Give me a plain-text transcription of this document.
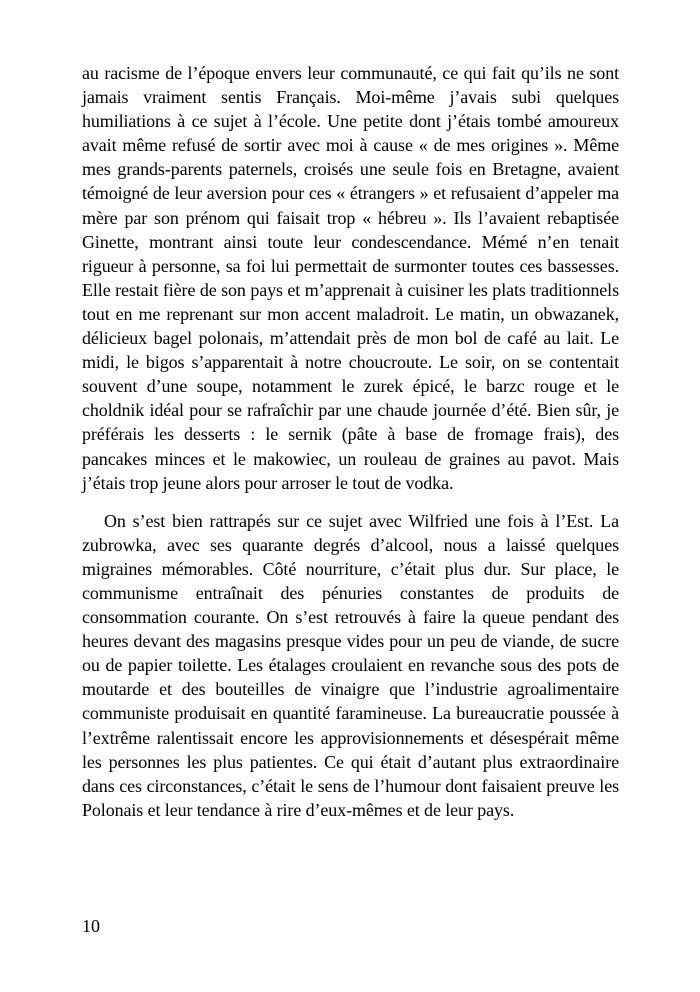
au racisme de l’époque envers leur communauté, ce qui fait qu’ils ne sont jamais vraiment sentis Français. Moi-même j’avais subi quelques humiliations à ce sujet à l’école. Une petite dont j’étais tombé amoureux avait même refusé de sortir avec moi à cause « de mes origines ». Même mes grands-parents paternels, croisés une seule fois en Bretagne, avaient témoigné de leur aversion pour ces « étrangers » et refusaient d’appeler ma mère par son prénom qui faisait trop « hébreu ». Ils l’avaient rebaptisée Ginette, montrant ainsi toute leur condescendance. Mémé n’en tenait rigueur à personne, sa foi lui permettait de surmonter toutes ces bassesses. Elle restait fière de son pays et m’apprenait à cuisiner les plats traditionnels tout en me reprenant sur mon accent maladroit. Le matin, un obwazanek, délicieux bagel polonais, m’attendait près de mon bol de café au lait. Le midi, le bigos s’apparentait à notre choucroute. Le soir, on se contentait souvent d’une soupe, notamment le zurek épicé, le barzc rouge et le choldnik idéal pour se rafraîchir par une chaude journée d’été. Bien sûr, je préférais les desserts : le sernik (pâte à base de fromage frais), des pancakes minces et le makowiec, un rouleau de graines au pavot. Mais j’étais trop jeune alors pour arroser le tout de vodka.

On s’est bien rattrapés sur ce sujet avec Wilfried une fois à l’Est. La zubrowka, avec ses quarante degrés d’alcool, nous a laissé quelques migraines mémorables. Côté nourriture, c’était plus dur. Sur place, le communisme entraînait des pénuries constantes de produits de consommation courante. On s’est retrouvés à faire la queue pendant des heures devant des magasins presque vides pour un peu de viande, de sucre ou de papier toilette. Les étalages croulaient en revanche sous des pots de moutarde et des bouteilles de vinaigre que l’industrie agroalimentaire communiste produisait en quantité faramineuse. La bureaucratie poussée à l’extrême ralentissait encore les approvisionnements et désespérait même les personnes les plus patientes. Ce qui était d’autant plus extraordinaire dans ces circonstances, c’était le sens de l’humour dont faisaient preuve les Polonais et leur tendance à rire d’eux-mêmes et de leur pays.

10
